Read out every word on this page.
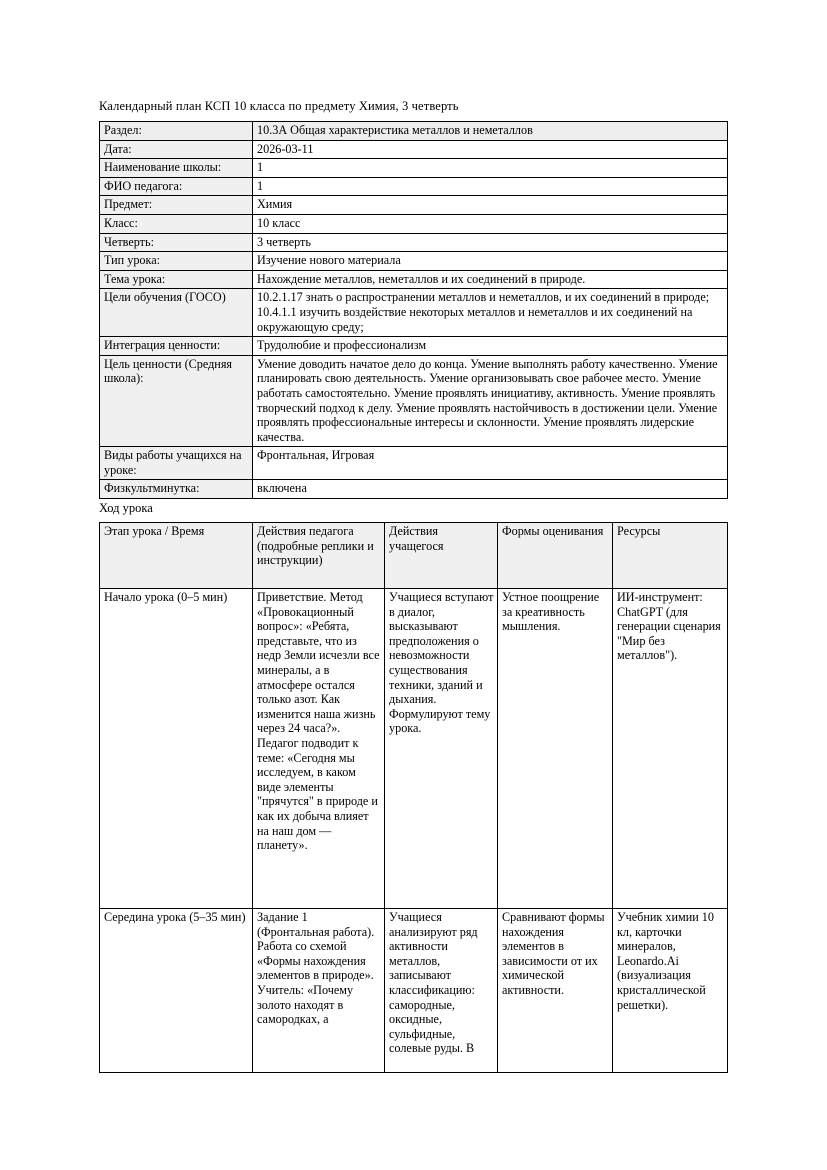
Календарный план КСП 10 класса по предмету Химия, 3 четверть

Раздел:	10.3А Общая характеристика металлов и неметаллов
Дата:	2026-03-11
Наименование школы:	1
ФИО педагога:	1
Предмет:	Химия
Класс:	10 класс
Четверть:	3 четверть
Тип урока:	Изучение нового материала
Тема урока:	Нахождение металлов, неметаллов и их соединений в природе.
Цели обучения (ГОСО)	10.2.1.17 знать о распространении металлов и неметаллов, и их соединений в природе; 10.4.1.1 изучить воздействие некоторых металлов и неметаллов и их соединений на окружающую среду;
Интеграция ценности:	Трудолюбие и профессионализм
Цель ценности (Средняя школа):	Умение доводить начатое дело до конца. Умение выполнять работу качественно. Умение планировать свою деятельность. Умение организовывать свое рабочее место. Умение работать самостоятельно. Умение проявлять инициативу, активность. Умение проявлять творческий подход к делу. Умение проявлять настойчивость в достижении цели. Умение проявлять профессиональные интересы и склонности. Умение проявлять лидерские качества.
Виды работы учащихся на уроке:	Фронтальная, Игровая
Физкультминутка:	включена

Ход урока

Этап урока / Время	Действия педагога (подробные реплики и инструкции)	Действия учащегося	Формы оценивания	Ресурсы
Начало урока (0–5 мин)	Приветствие. Метод «Провокационный вопрос»: «Ребята, представьте, что из недр Земли исчезли все минералы, а в атмосфере остался только азот. Как изменится наша жизнь через 24 часа?». Педагог подводит к теме: «Сегодня мы исследуем, в каком виде элементы "прячутся" в природе и как их добыча влияет на наш дом — планету».	Учащиеся вступают в диалог, высказывают предположения о невозможности существования техники, зданий и дыхания. Формулируют тему урока.	Устное поощрение за креативность мышления.	ИИ-инструмент: ChatGPT (для генерации сценария "Мир без металлов").
Середина урока (5–35 мин)	Задание 1 (Фронтальная работа). Работа со схемой «Формы нахождения элементов в природе». Учитель: «Почему золото находят в самородках, а	Учащиеся анализируют ряд активности металлов, записывают классификацию: самородные, оксидные, сульфидные, солевые руды. В	Сравнивают формы нахождения элементов в зависимости от их химической активности.	Учебник химии 10 кл, карточки минералов, Leonardo.Ai (визуализация кристаллической решетки).
